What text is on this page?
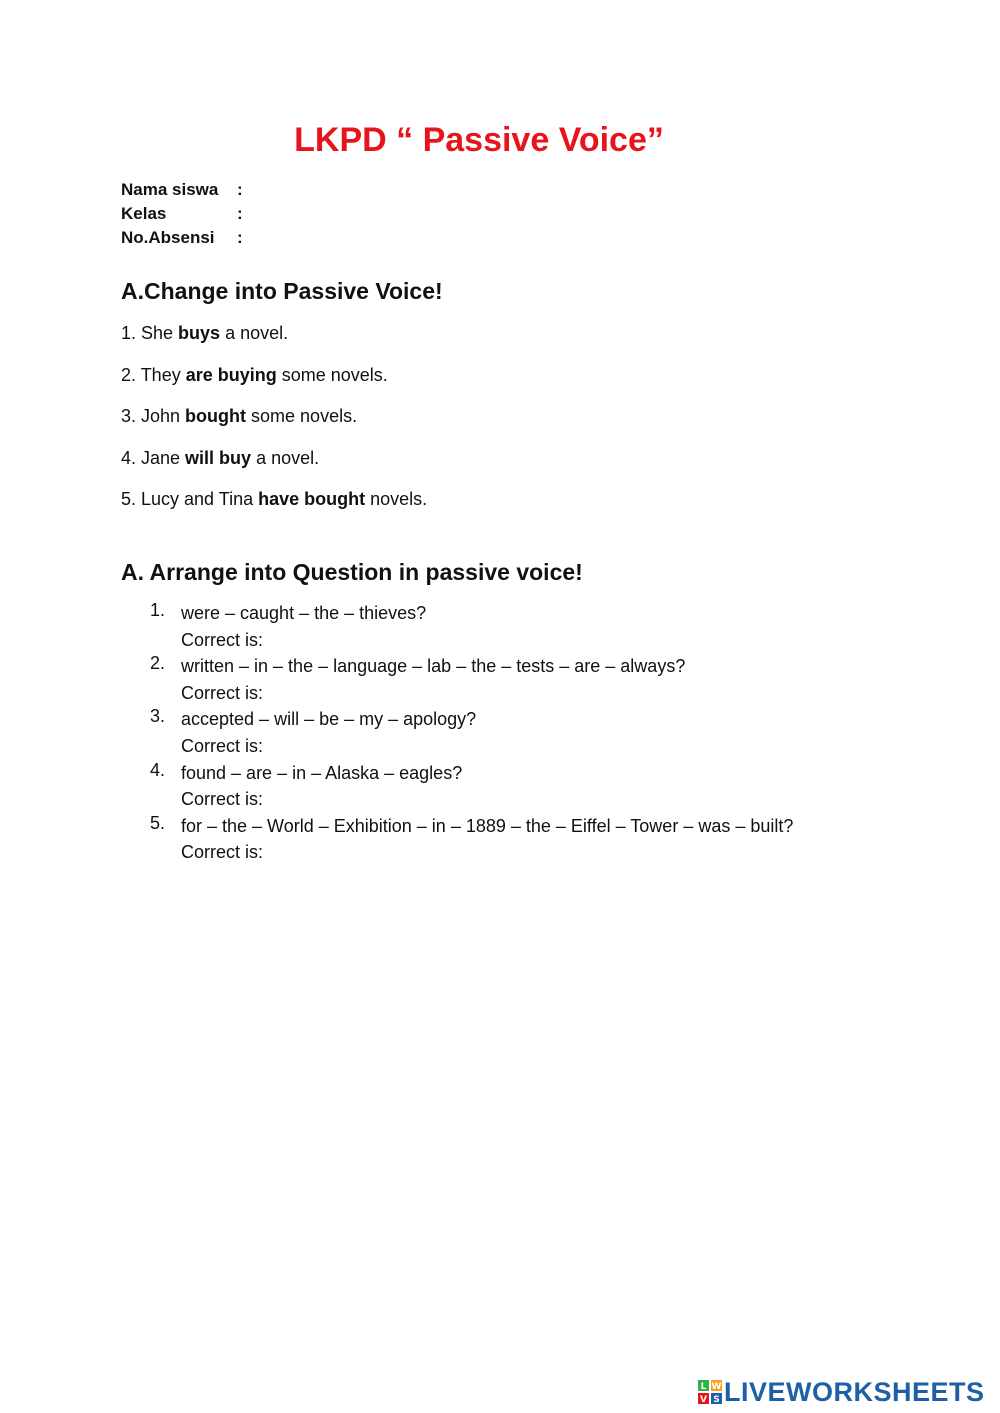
LKPD “ Passive Voice”
Nama siswa	:
Kelas	:
No.Absensi	:
A.Change into Passive Voice!
1. She buys a novel.
2. They are buying some novels.
3. John bought some novels.
4. Jane will buy a novel.
5. Lucy and Tina have bought novels.
A. Arrange into Question in passive voice!
1. were – caught – the – thieves?
Correct is:
2. written – in – the – language – lab – the – tests – are – always?
Correct is:
3. accepted – will – be – my – apology?
Correct is:
4. found – are – in – Alaska – eagles?
Correct is:
5. for – the – World – Exhibition – in – 1889 – the – Eiffel – Tower – was – built?
Correct is:
L W
V S LIVEWORKSHEETS
